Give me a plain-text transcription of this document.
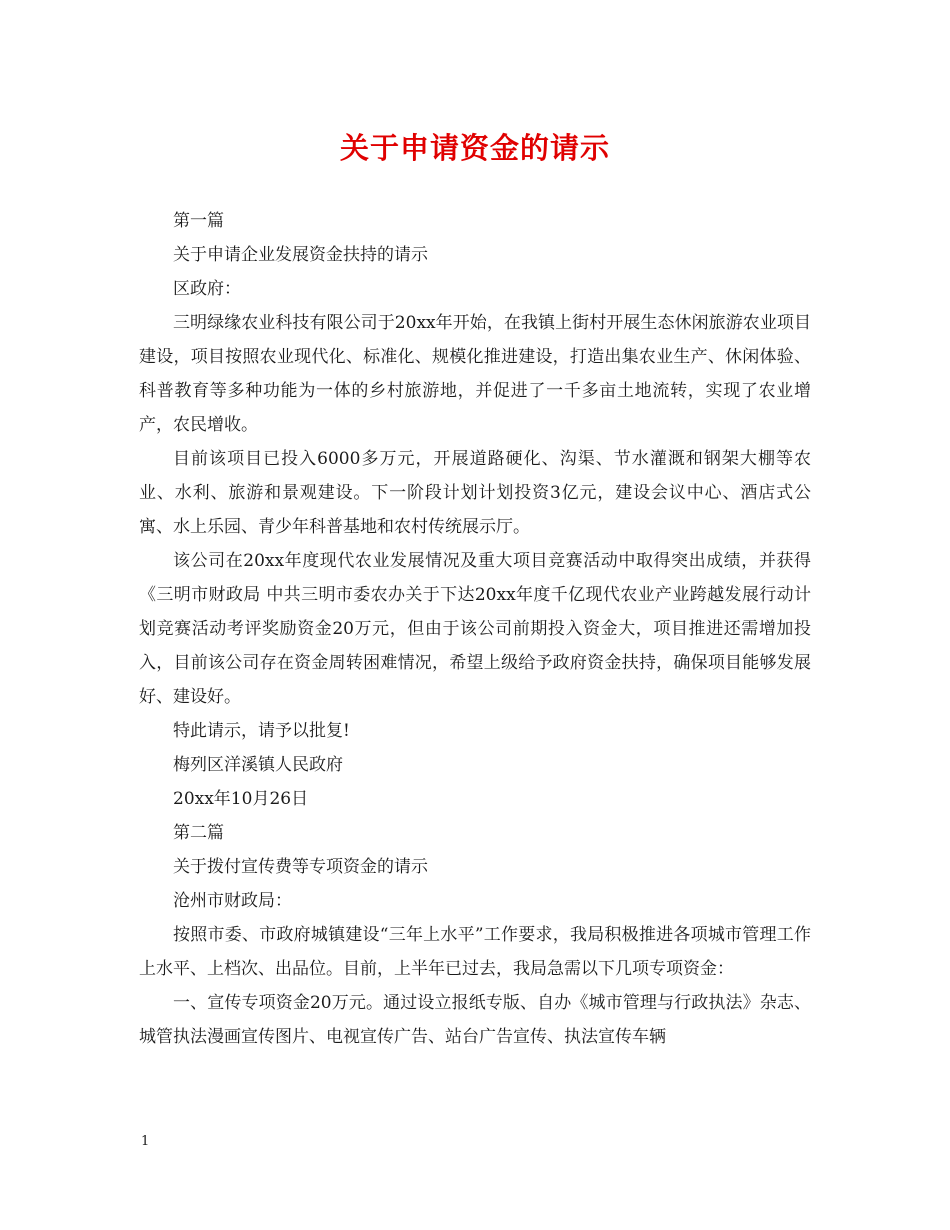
关于申请资金的请示
第一篇
关于申请企业发展资金扶持的请示
区政府：

三明绿缘农业科技有限公司于20xx年开始，在我镇上街村开展生态休闲旅游农业项目建设，项目按照农业现代化、标准化、规模化推进建设，打造出集农业生产、休闲体验、科普教育等多种功能为一体的乡村旅游地，并促进了一千多亩土地流转，实现了农业增产，农民增收。

目前该项目已投入6000多万元，开展道路硬化、沟渠、节水灌溉和钢架大棚等农业、水利、旅游和景观建设。下一阶段计划计划投资3亿元，建设会议中心、酒店式公寓、水上乐园、青少年科普基地和农村传统展示厅。

该公司在20xx年度现代农业发展情况及重大项目竞赛活动中取得突出成绩，并获得《三明市财政局 中共三明市委农办关于下达20xx年度千亿现代农业产业跨越发展行动计划竞赛活动考评奖励资金20万元，但由于该公司前期投入资金大，项目推进还需增加投入，目前该公司存在资金周转困难情况，希望上级给予政府资金扶持，确保项目能够发展好、建设好。

特此请示，请予以批复!
梅列区洋溪镇人民政府
20xx年10月26日
第二篇
关于拨付宣传费等专项资金的请示
沧州市财政局：

按照市委、市政府城镇建设“三年上水平”工作要求，我局积极推进各项城市管理工作上水平、上档次、出品位。目前，上半年已过去，我局急需以下几项专项资金：

一、宣传专项资金20万元。通过设立报纸专版、自办《城市管理与行政执法》杂志、城管执法漫画宣传图片、电视宣传广告、站台广告宣传、执法宣传车辆

1
